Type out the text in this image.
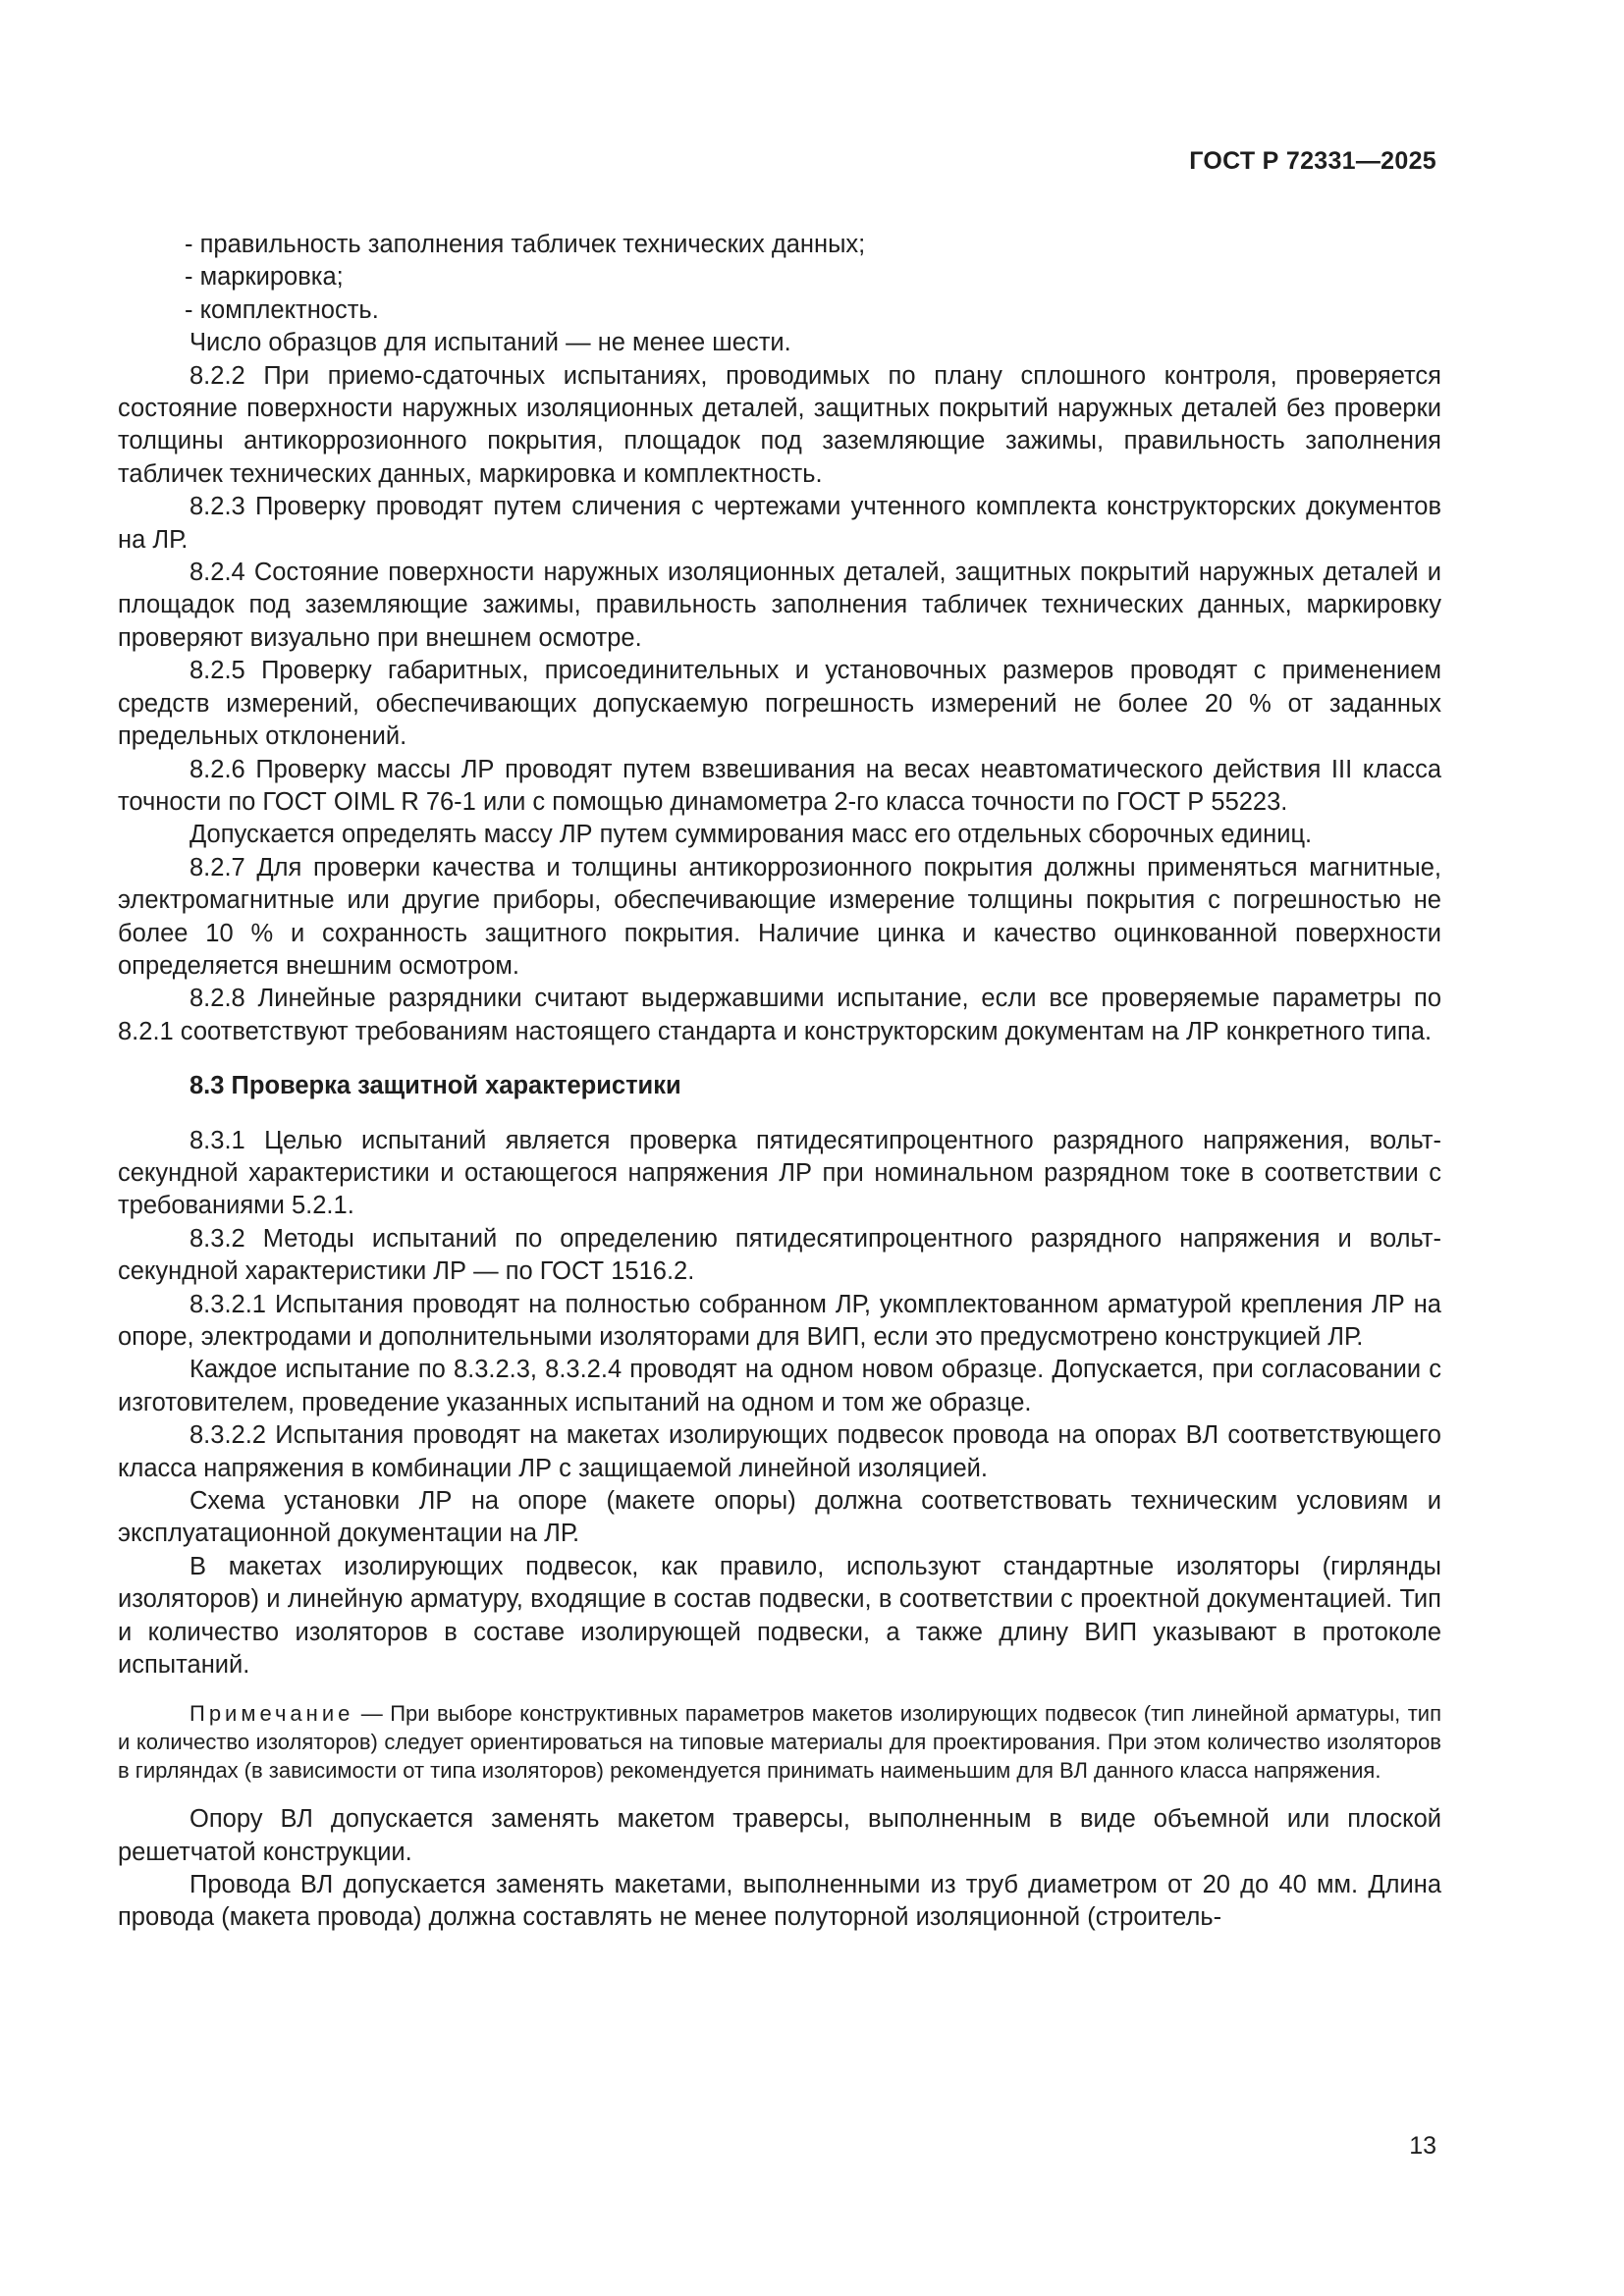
ГОСТ Р 72331—2025

- правильность заполнения табличек технических данных;

- маркировка;

- комплектность.

Число образцов для испытаний — не менее шести.

8.2.2 При приемо-сдаточных испытаниях, проводимых по плану сплошного контроля, проверяется состояние поверхности наружных изоляционных деталей, защитных покрытий наружных деталей без проверки толщины антикоррозионного покрытия, площадок под заземляющие зажимы, правильность заполнения табличек технических данных, маркировка и комплектность.

8.2.3 Проверку проводят путем сличения с чертежами учтенного комплекта конструкторских документов на ЛР.

8.2.4 Состояние поверхности наружных изоляционных деталей, защитных покрытий наружных деталей и площадок под заземляющие зажимы, правильность заполнения табличек технических данных, маркировку проверяют визуально при внешнем осмотре.

8.2.5 Проверку габаритных, присоединительных и установочных размеров проводят с применением средств измерений, обеспечивающих допускаемую погрешность измерений не более 20 % от заданных предельных отклонений.

8.2.6 Проверку массы ЛР проводят путем взвешивания на весах неавтоматического действия III класса точности по ГОСТ OIML R 76-1 или с помощью динамометра 2-го класса точности по ГОСТ Р 55223.

Допускается определять массу ЛР путем суммирования масс его отдельных сборочных единиц.

8.2.7 Для проверки качества и толщины антикоррозионного покрытия должны применяться магнитные, электромагнитные или другие приборы, обеспечивающие измерение толщины покрытия с погрешностью не более 10 % и сохранность защитного покрытия. Наличие цинка и качество оцинкованной поверхности определяется внешним осмотром.

8.2.8 Линейные разрядники считают выдержавшими испытание, если все проверяемые параметры по 8.2.1 соответствуют требованиям настоящего стандарта и конструкторским документам на ЛР конкретного типа.

8.3 Проверка защитной характеристики

8.3.1 Целью испытаний является проверка пятидесятипроцентного разрядного напряжения, вольт-секундной характеристики и остающегося напряжения ЛР при номинальном разрядном токе в соответствии с требованиями 5.2.1.

8.3.2 Методы испытаний по определению пятидесятипроцентного разрядного напряжения и вольт-секундной характеристики ЛР — по ГОСТ 1516.2.

8.3.2.1 Испытания проводят на полностью собранном ЛР, укомплектованном арматурой крепления ЛР на опоре, электродами и дополнительными изоляторами для ВИП, если это предусмотрено конструкцией ЛР.

Каждое испытание по 8.3.2.3, 8.3.2.4 проводят на одном новом образце. Допускается, при согласовании с изготовителем, проведение указанных испытаний на одном и том же образце.

8.3.2.2 Испытания проводят на макетах изолирующих подвесок провода на опорах ВЛ соответствующего класса напряжения в комбинации ЛР с защищаемой линейной изоляцией.

Схема установки ЛР на опоре (макете опоры) должна соответствовать техническим условиям и эксплуатационной документации на ЛР.

В макетах изолирующих подвесок, как правило, используют стандартные изоляторы (гирлянды изоляторов) и линейную арматуру, входящие в состав подвески, в соответствии с проектной документацией. Тип и количество изоляторов в составе изолирующей подвески, а также длину ВИП указывают в протоколе испытаний.

Примечание — При выборе конструктивных параметров макетов изолирующих подвесок (тип линейной арматуры, тип и количество изоляторов) следует ориентироваться на типовые материалы для проектирования. При этом количество изоляторов в гирляндах (в зависимости от типа изоляторов) рекомендуется принимать наименьшим для ВЛ данного класса напряжения.

Опору ВЛ допускается заменять макетом траверсы, выполненным в виде объемной или плоской решетчатой конструкции.

Провода ВЛ допускается заменять макетами, выполненными из труб диаметром от 20 до 40 мм. Длина провода (макета провода) должна составлять не менее полуторной изоляционной (строитель-

13
